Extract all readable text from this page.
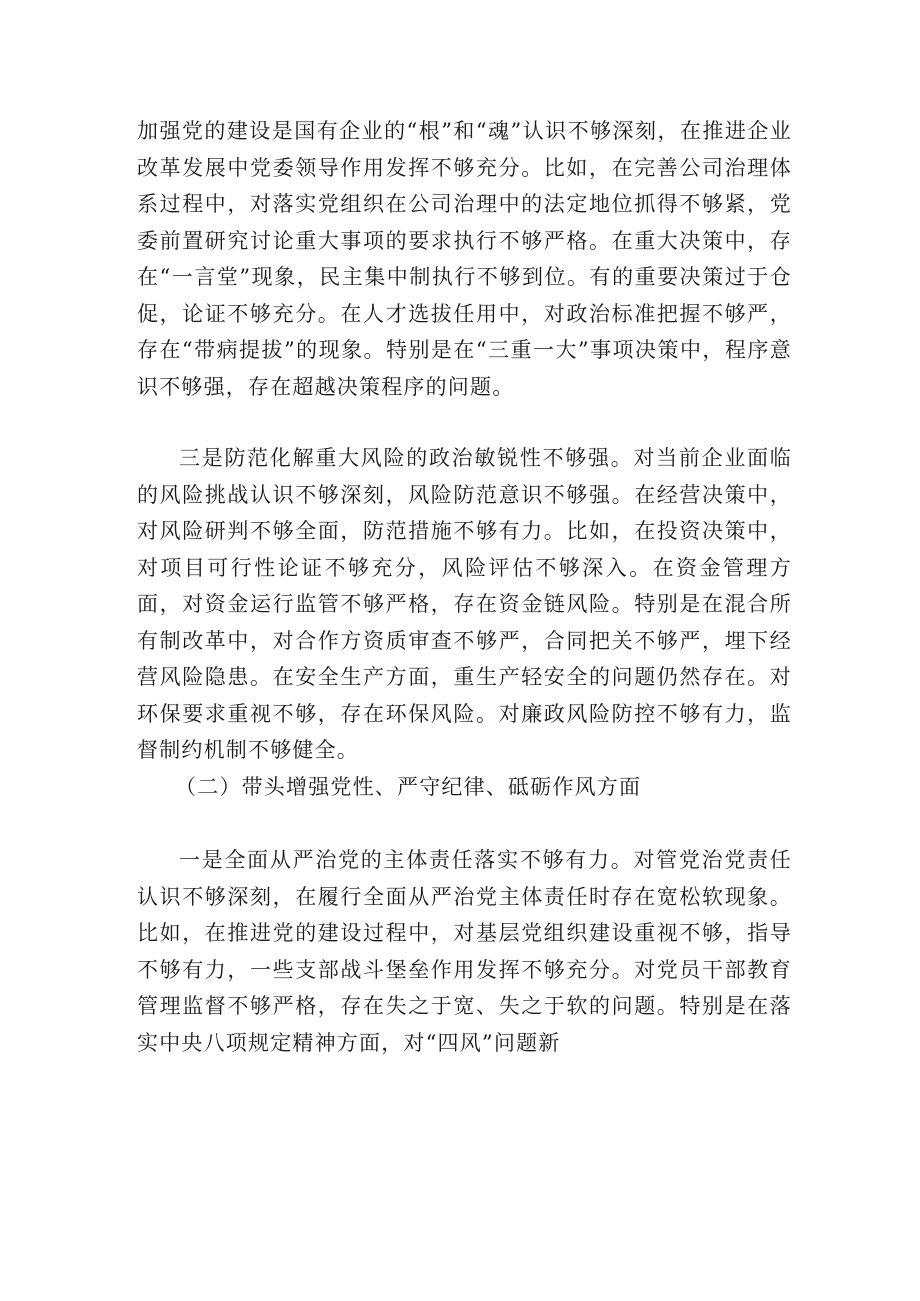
加强党的建设是国有企业的“根”和“魂”认识不够深刻，在推进企业改革发展中党委领导作用发挥不够充分。比如，在完善公司治理体系过程中，对落实党组织在公司治理中的法定地位抓得不够紧，党委前置研究讨论重大事项的要求执行不够严格。在重大决策中，存在“一言堂”现象，民主集中制执行不够到位。有的重要决策过于仓促，论证不够充分。在人才选拔任用中，对政治标准把握不够严，存在“带病提拔”的现象。特别是在“三重一大”事项决策中，程序意识不够强，存在超越决策程序的问题。

三是防范化解重大风险的政治敏锐性不够强。对当前企业面临的风险挑战认识不够深刻，风险防范意识不够强。在经营决策中，对风险研判不够全面，防范措施不够有力。比如，在投资决策中，对项目可行性论证不够充分，风险评估不够深入。在资金管理方面，对资金运行监管不够严格，存在资金链风险。特别是在混合所有制改革中，对合作方资质审查不够严，合同把关不够严，埋下经营风险隐患。在安全生产方面，重生产轻安全的问题仍然存在。对环保要求重视不够，存在环保风险。对廉政风险防控不够有力，监督制约机制不够健全。

（二）带头增强党性、严守纪律、砥砺作风方面

一是全面从严治党的主体责任落实不够有力。对管党治党责任认识不够深刻，在履行全面从严治党主体责任时存在宽松软现象。比如，在推进党的建设过程中，对基层党组织建设重视不够，指导不够有力，一些支部战斗堡垒作用发挥不够充分。对党员干部教育管理监督不够严格，存在失之于宽、失之于软的问题。特别是在落实中央八项规定精神方面，对“四风”问题新
